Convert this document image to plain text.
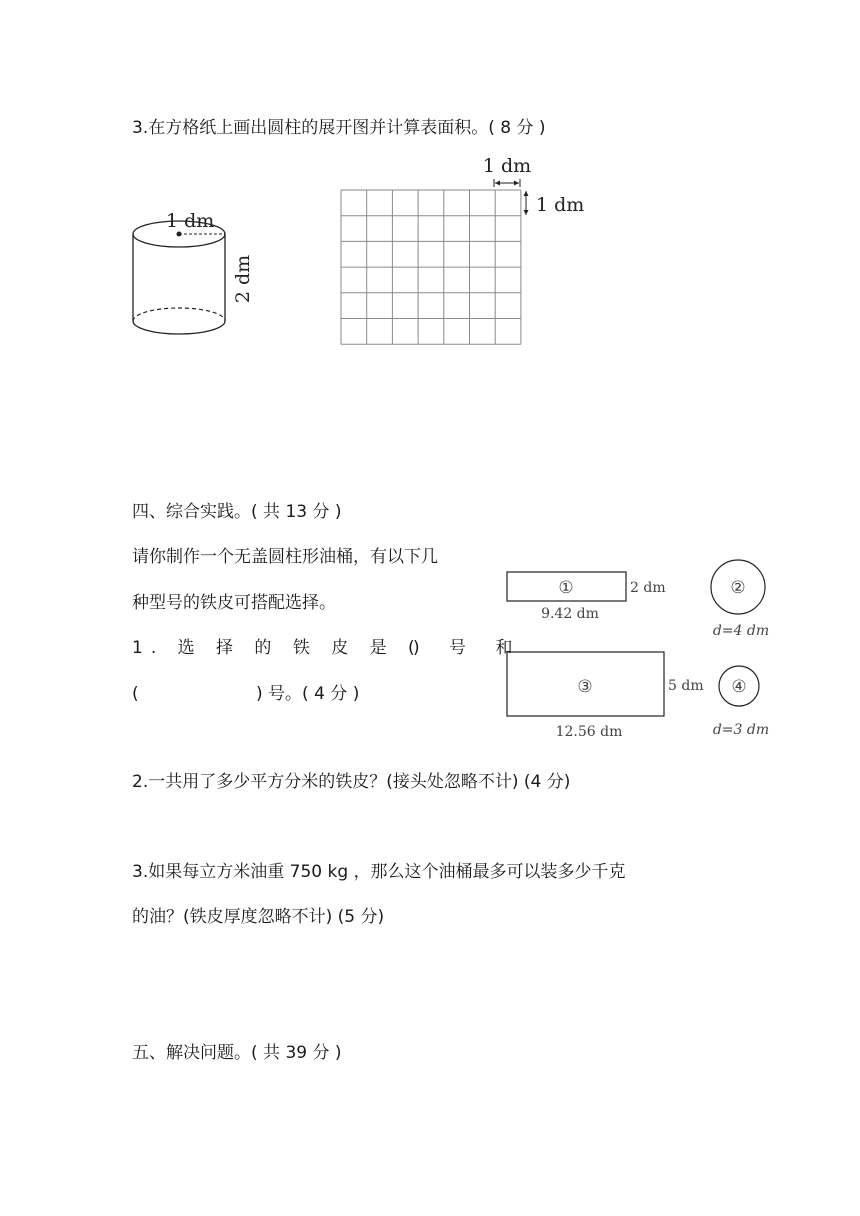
3.在方格纸上画出圆柱的展开图并计算表面积。( 8 分 )
1 dm
2 dm
1 dm
1 dm
四、综合实践。( 共 13 分 )
请你制作一个无盖圆柱形油桶，有以下几
种型号的铁皮可搭配选择。
1. 选 择 的 铁 皮 是 (
) 号 和
(	) 号。( 4 分 )
①	2 dm
9.42 dm
②
d=4 dm
③	5 dm
12.56 dm
④
d=3 dm
2.一共用了多少平方分米的铁皮？(接头处忽略不计) (4 分)
3.如果每立方米油重 750 kg ，那么这个油桶最多可以装多少千克
的油？(铁皮厚度忽略不计) (5 分)
五、解决问题。( 共 39 分 )
